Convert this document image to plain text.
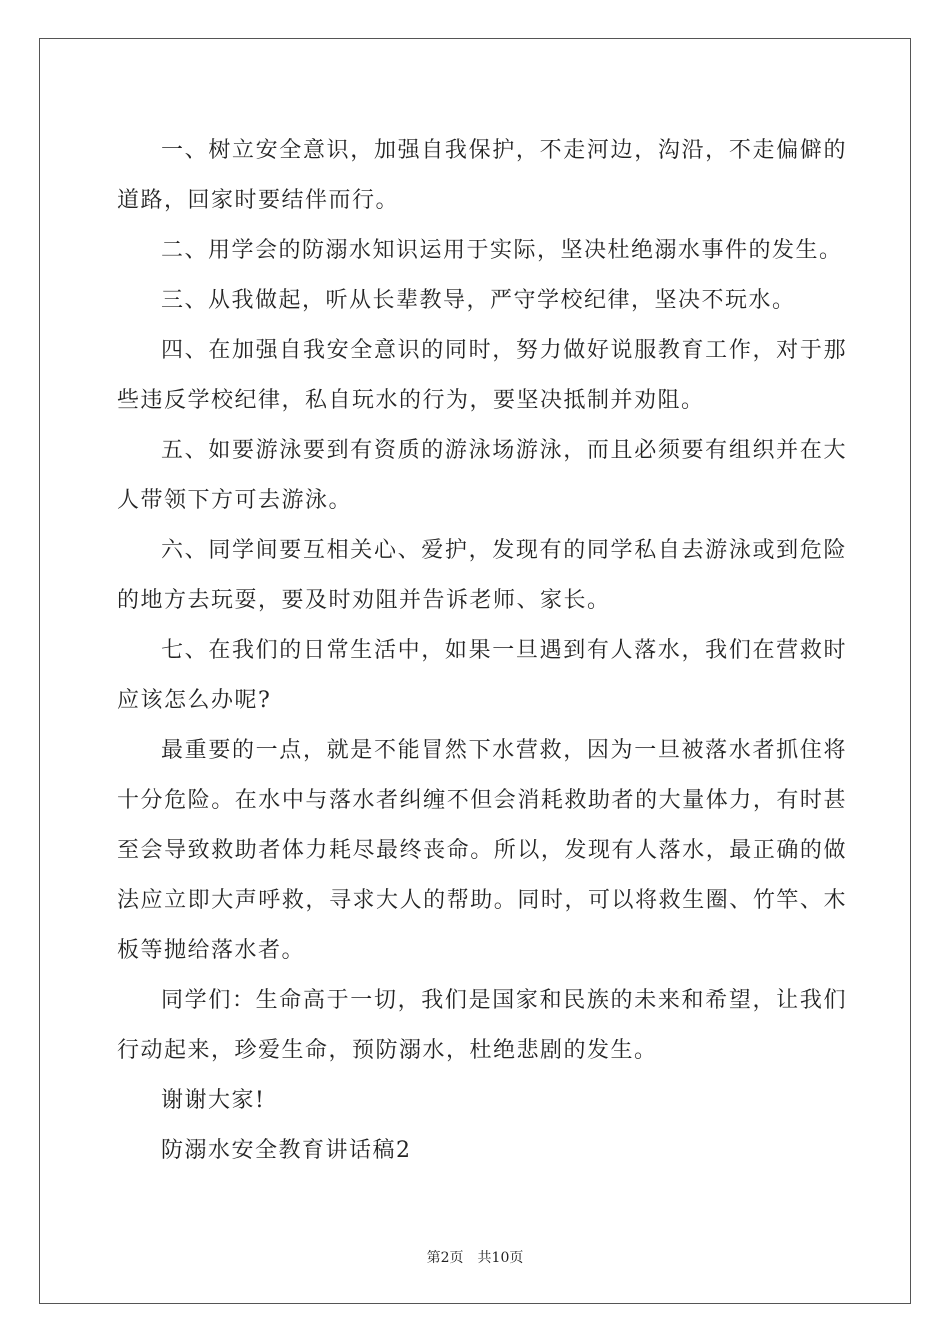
一、树立安全意识，加强自我保护，不走河边，沟沿，不走偏僻的道路，回家时要结伴而行。

二、用学会的防溺水知识运用于实际，坚决杜绝溺水事件的发生。

三、从我做起，听从长辈教导，严守学校纪律，坚决不玩水。

四、在加强自我安全意识的同时，努力做好说服教育工作，对于那些违反学校纪律，私自玩水的行为，要坚决抵制并劝阻。

五、如要游泳要到有资质的游泳场游泳，而且必须要有组织并在大人带领下方可去游泳。

六、同学间要互相关心、爱护，发现有的同学私自去游泳或到危险的地方去玩耍，要及时劝阻并告诉老师、家长。

七、在我们的日常生活中，如果一旦遇到有人落水，我们在营救时应该怎么办呢?

最重要的一点，就是不能冒然下水营救，因为一旦被落水者抓住将十分危险。在水中与落水者纠缠不但会消耗救助者的大量体力，有时甚至会导致救助者体力耗尽最终丧命。所以，发现有人落水，最正确的做法应立即大声呼救，寻求大人的帮助。同时，可以将救生圈、竹竿、木板等抛给落水者。

同学们：生命高于一切，我们是国家和民族的未来和希望，让我们行动起来，珍爱生命，预防溺水，杜绝悲剧的发生。

谢谢大家!

防溺水安全教育讲话稿2

第2页　共10页
